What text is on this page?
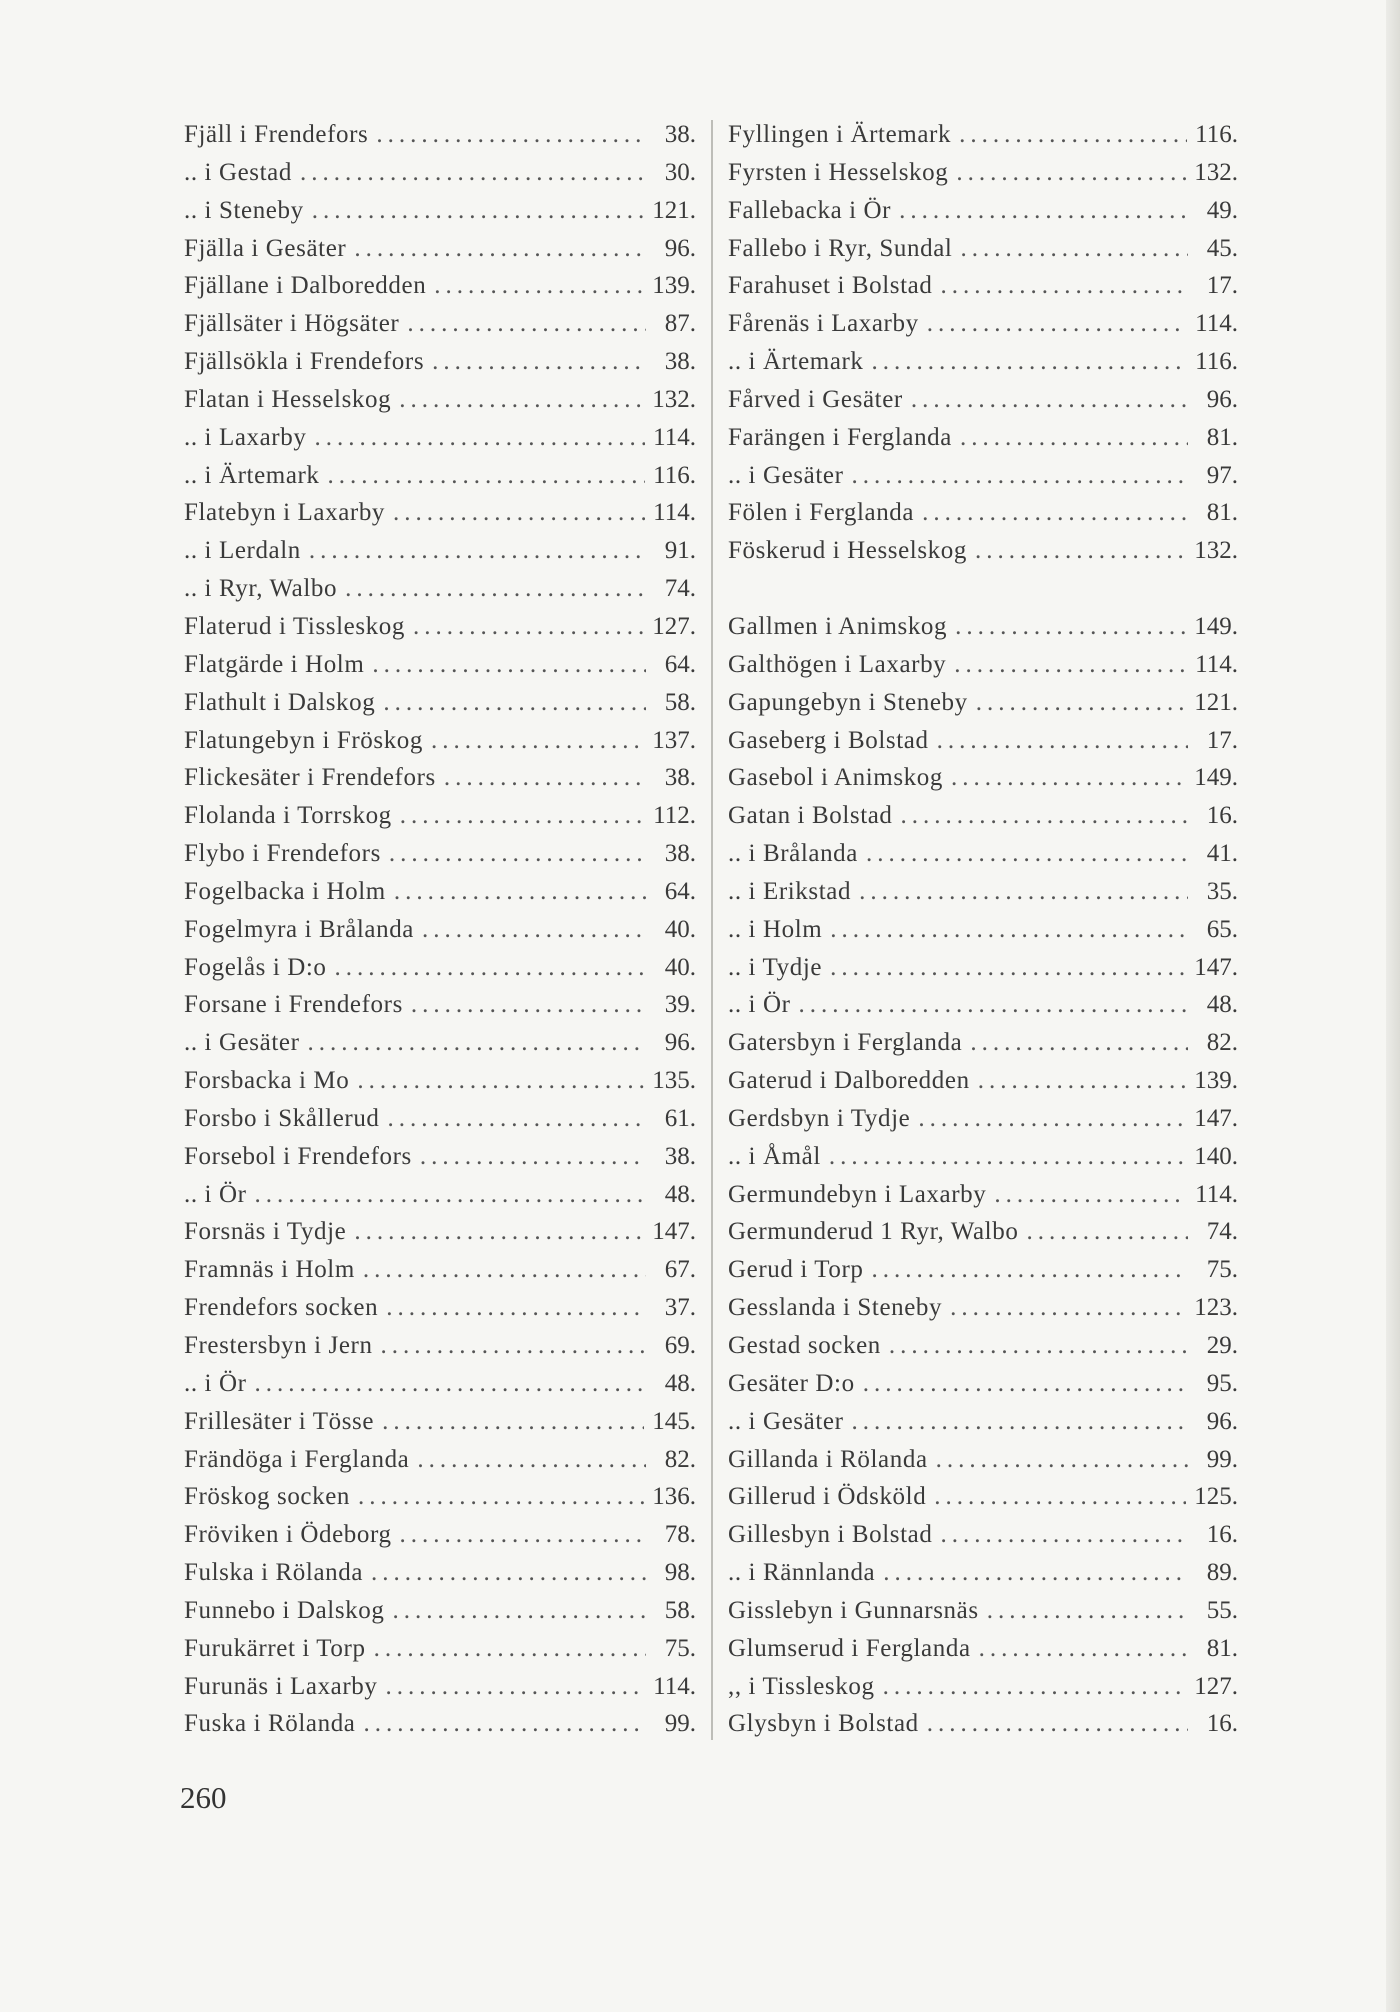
Fjäll i Frendefors .....	38.
.. i Gestad .....	30.
.. i Steneby .....	121.
Fjälla i Gesäter .....	96.
Fjällane i Dalboredden .....	139.
Fjällsäter i Högsäter .....	87.
Fjällsökla i Frendefors .....	38.
Flatan i Hesselskog .....	132.
.. i Laxarby .....	114.
.. i Ärtemark .....	116.
Flatebyn i Laxarby .....	114.
.. i Lerdaln .....	91.
.. i Ryr, Walbo .....	74.
Flaterud i Tissleskog .....	127.
Flatgärde i Holm .....	64.
Flathult i Dalskog .....	58.
Flatungebyn i Fröskog .....	137.
Flickesäter i Frendefors .....	38.
Flolanda i Torrskog .....	112.
Flybo i Frendefors .....	38.
Fogelbacka i Holm .....	64.
Fogelmyra i Brålanda .....	40.
Fogelås i D:o .....	40.
Forsane i Frendefors .....	39.
.. i Gesäter .....	96.
Forsbacka i Mo .....	135.
Forsbo i Skållerud .....	61.
Forsebol i Frendefors .....	38.
.. i Ör .....	48.
Forsnäs i Tydje .....	147.
Framnäs i Holm .....	67.
Frendefors socken .....	37.
Frestersbyn i Jern .....	69.
.. i Ör .....	48.
Frillesäter i Tösse .....	145.
Frändöga i Ferglanda .....	82.
Fröskog socken .....	136.
Fröviken i Ödeborg .....	78.
Fulska i Rölanda .....	98.
Funnebo i Dalskog .....	58.
Furukärret i Torp .....	75.
Furunäs i Laxarby .....	114.
Fuska i Rölanda .....	99.
Fyllingen i Ärtemark .....	116.
Fyrsten i Hesselskog .....	132.
Fallebacka i Ör .....	49.
Fallebo i Ryr, Sundal .....	45.
Farahuset i Bolstad .....	17.
Fårenäs i Laxarby .....	114.
.. i Ärtemark .....	116.
Fårved i Gesäter .....	96.
Farängen i Ferglanda .....	81.
.. i Gesäter .....	97.
Fölen i Ferglanda .....	81.
Föskerud i Hesselskog .....	132.
Gallmen i Animskog .....	149.
Galthögen i Laxarby .....	114.
Gapungebyn i Steneby .....	121.
Gaseberg i Bolstad .....	17.
Gasebol i Animskog .....	149.
Gatan i Bolstad .....	16.
.. i Brålanda .....	41.
.. i Erikstad .....	35.
.. i Holm .....	65.
.. i Tydje .....	147.
.. i Ör .....	48.
Gatersbyn i Ferglanda .....	82.
Gaterud i Dalboredden .....	139.
Gerdsbyn i Tydje .....	147.
.. i Åmål .....	140.
Germundebyn i Laxarby .....	114.
Germunderud 1 Ryr, Walbo .....	74.
Gerud i Torp .....	75.
Gesslanda i Steneby .....	123.
Gestad socken .....	29.
Gesäter D:o .....	95.
.. i Gesäter .....	96.
Gillanda i Rölanda .....	99.
Gillerud i Ödsköld .....	125.
Gillesbyn i Bolstad .....	16.
.. i Rännlanda .....	89.
Gisslebyn i Gunnarsnäs .....	55.
Glumserud i Ferglanda .....	81.
,, i Tissleskog .....	127.
Glysbyn i Bolstad .....	16.
260
